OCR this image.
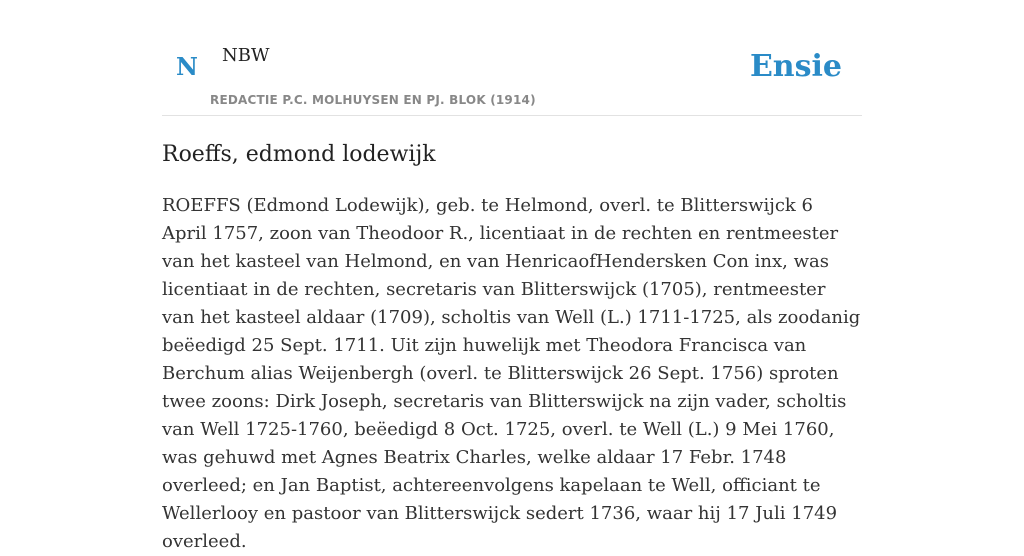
N NBW
REDACTIE P.C. MOLHUYSEN EN PJ. BLOK (1914)
Ensie
Roeffs, edmond lodewijk

ROEFFS (Edmond Lodewijk), geb. te Helmond, overl. te Blitterswijck 6 April 1757, zoon van Theodoor R., licentiaat in de rechten en rentmeester van het kasteel van Helmond, en van HenricaofHendersken Con inx, was licentiaat in de rechten, secretaris van Blitterswijck (1705), rentmeester van het kasteel aldaar (1709), scholtis van Well (L.) 1711-1725, als zoodanig beëedigd 25 Sept. 1711. Uit zijn huwelijk met Theodora Francisca van Berchum alias Weijenbergh (overl. te Blitterswijck 26 Sept. 1756) sproten twee zoons: Dirk Joseph, secretaris van Blitterswijck na zijn vader, scholtis van Well 1725-1760, beëedigd 8 Oct. 1725, overl. te Well (L.) 9 Mei 1760, was gehuwd met Agnes Beatrix Charles, welke aldaar 17 Febr. 1748 overleed; en Jan Baptist, achtereenvolgens kapelaan te Well, officiant te Wellerlooy en pastoor van Blitterswijck sedert 1736, waar hij 17 Juli 1749 overleed.
